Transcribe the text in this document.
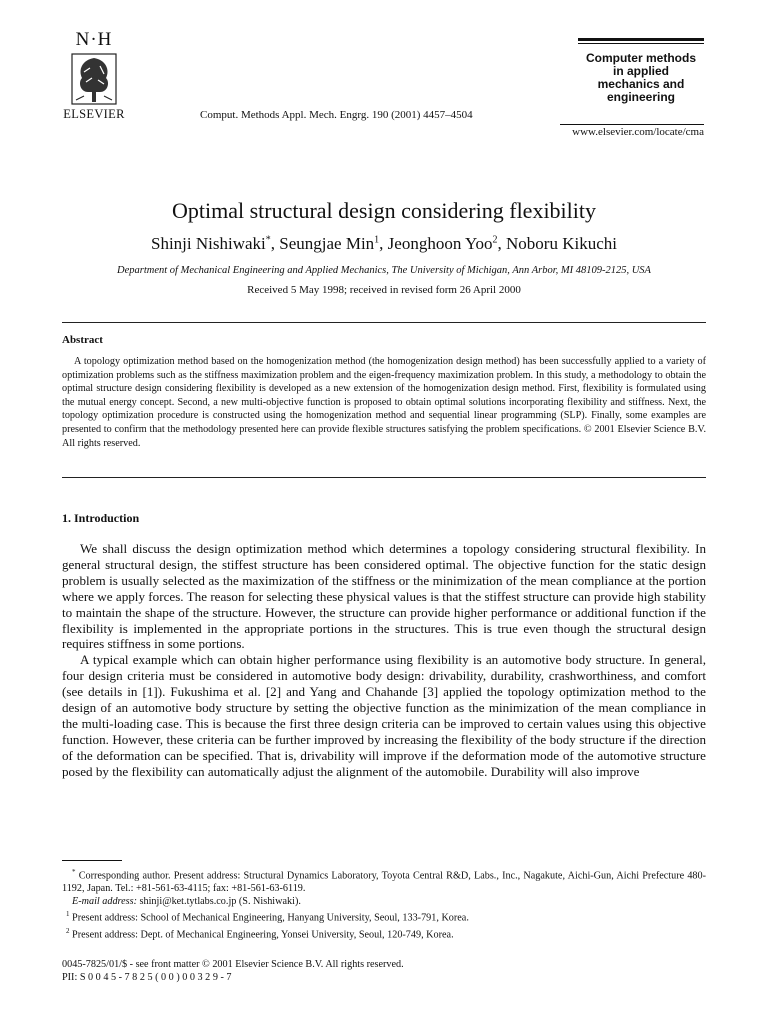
N·H
ELSEVIER	Comput. Methods Appl. Mech. Engrg. 190 (2001) 4457–4504
Computer methods
in applied
mechanics and
engineering
www.elsevier.com/locate/cma
Optimal structural design considering flexibility
Shinji Nishiwaki*, Seungjae Min$^1$, Jeonghoon Yoo$^2$, Noboru Kikuchi
Department of Mechanical Engineering and Applied Mechanics, The University of Michigan, Ann Arbor, MI 48109-2125, USA
Received 5 May 1998; received in revised form 26 April 2000
Abstract
A topology optimization method based on the homogenization method (the homogenization design method) has been successfully applied to a variety of optimization problems such as the stiffness maximization problem and the eigen-frequency maximization problem. In this study, a methodology to obtain the optimal structure design considering flexibility is developed as a new extension of the homogenization design method. First, flexibility is formulated using the mutual energy concept. Second, a new multi-objective function is proposed to obtain optimal solutions incorporating flexibility and stiffness. Next, the topology optimization procedure is constructed using the homogenization method and sequential linear programming (SLP). Finally, some examples are presented to confirm that the methodology presented here can provide flexible structures satisfying the problem specifications. © 2001 Elsevier Science B.V. All rights reserved.
1. Introduction

We shall discuss the design optimization method which determines a topology considering structural flexibility. In general structural design, the stiffest structure has been considered optimal. The objective function for the static design problem is usually selected as the maximization of the stiffness or the minimization of the mean compliance at the portion where we apply forces. The reason for selecting these physical values is that the stiffest structure can provide high stability to maintain the shape of the structure. However, the structure can provide higher performance or additional function if the flexibility is implemented in the appropriate portions in the structures. This is true even though the structural design requires stiffness in some portions.

A typical example which can obtain higher performance using flexibility is an automotive body structure. In general, four design criteria must be considered in automotive body design: drivability, durability, crashworthiness, and comfort (see details in [1]). Fukushima et al. [2] and Yang and Chahande [3] applied the topology optimization method to the design of an automotive body structure by setting the objective function as the minimization of the mean compliance in the multi-loading case. This is because the first three design criteria can be improved to certain values using this objective function. However, these criteria can be further improved by increasing the flexibility of the body structure if the direction of the deformation can be specified. That is, drivability will improve if the deformation mode of the automotive structure posed by the flexibility can automatically adjust the alignment of the automobile. Durability will also improve

* Corresponding author. Present address: Structural Dynamics Laboratory, Toyota Central R&D, Labs., Inc., Nagakute, Aichi-Gun, Aichi Prefecture 480-1192, Japan. Tel.: +81-561-63-4115; fax: +81-561-63-6119.
E-mail address: shinji@ket.tytlabs.co.jp (S. Nishiwaki).
$^1$ Present address: School of Mechanical Engineering, Hanyang University, Seoul, 133-791, Korea.
$^2$ Present address: Dept. of Mechanical Engineering, Yonsei University, Seoul, 120-749, Korea.
0045-7825/01/$ - see front matter © 2001 Elsevier Science B.V. All rights reserved.
PII: S 0 0 4 5 - 7 8 2 5 ( 0 0 ) 0 0 3 2 9 - 7
